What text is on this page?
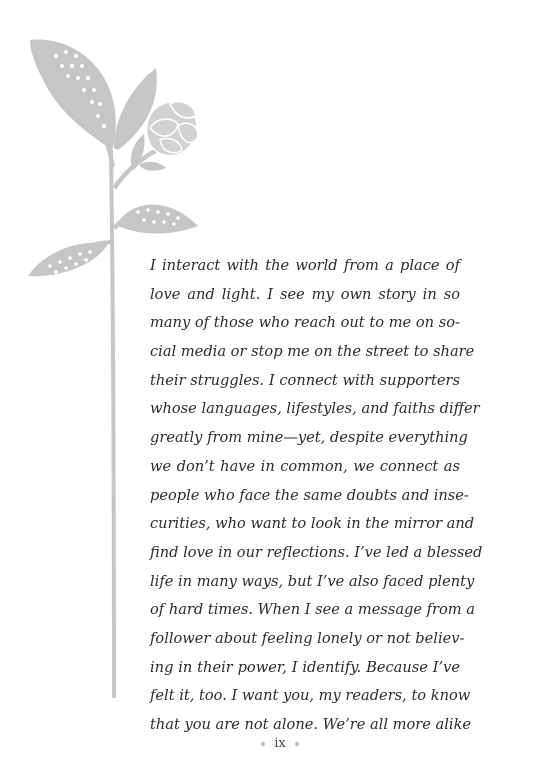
I interact with the world from a place of
love and light. I see my own story in so
many of those who reach out to me on so-
cial media or stop me on the street to share
their struggles. I connect with supporters
whose languages, lifestyles, and faiths differ
greatly from mine—yet, despite everything
we don’t have in common, we connect as
people who face the same doubts and inse-
curities, who want to look in the mirror and
find love in our reflections. I’ve led a blessed
life in many ways, but I’ve also faced plenty
of hard times. When I see a message from a
follower about feeling lonely or not believ-
ing in their power, I identify. Because I’ve
felt it, too. I want you, my readers, to know
that you are not alone. We’re all more alike
ix
